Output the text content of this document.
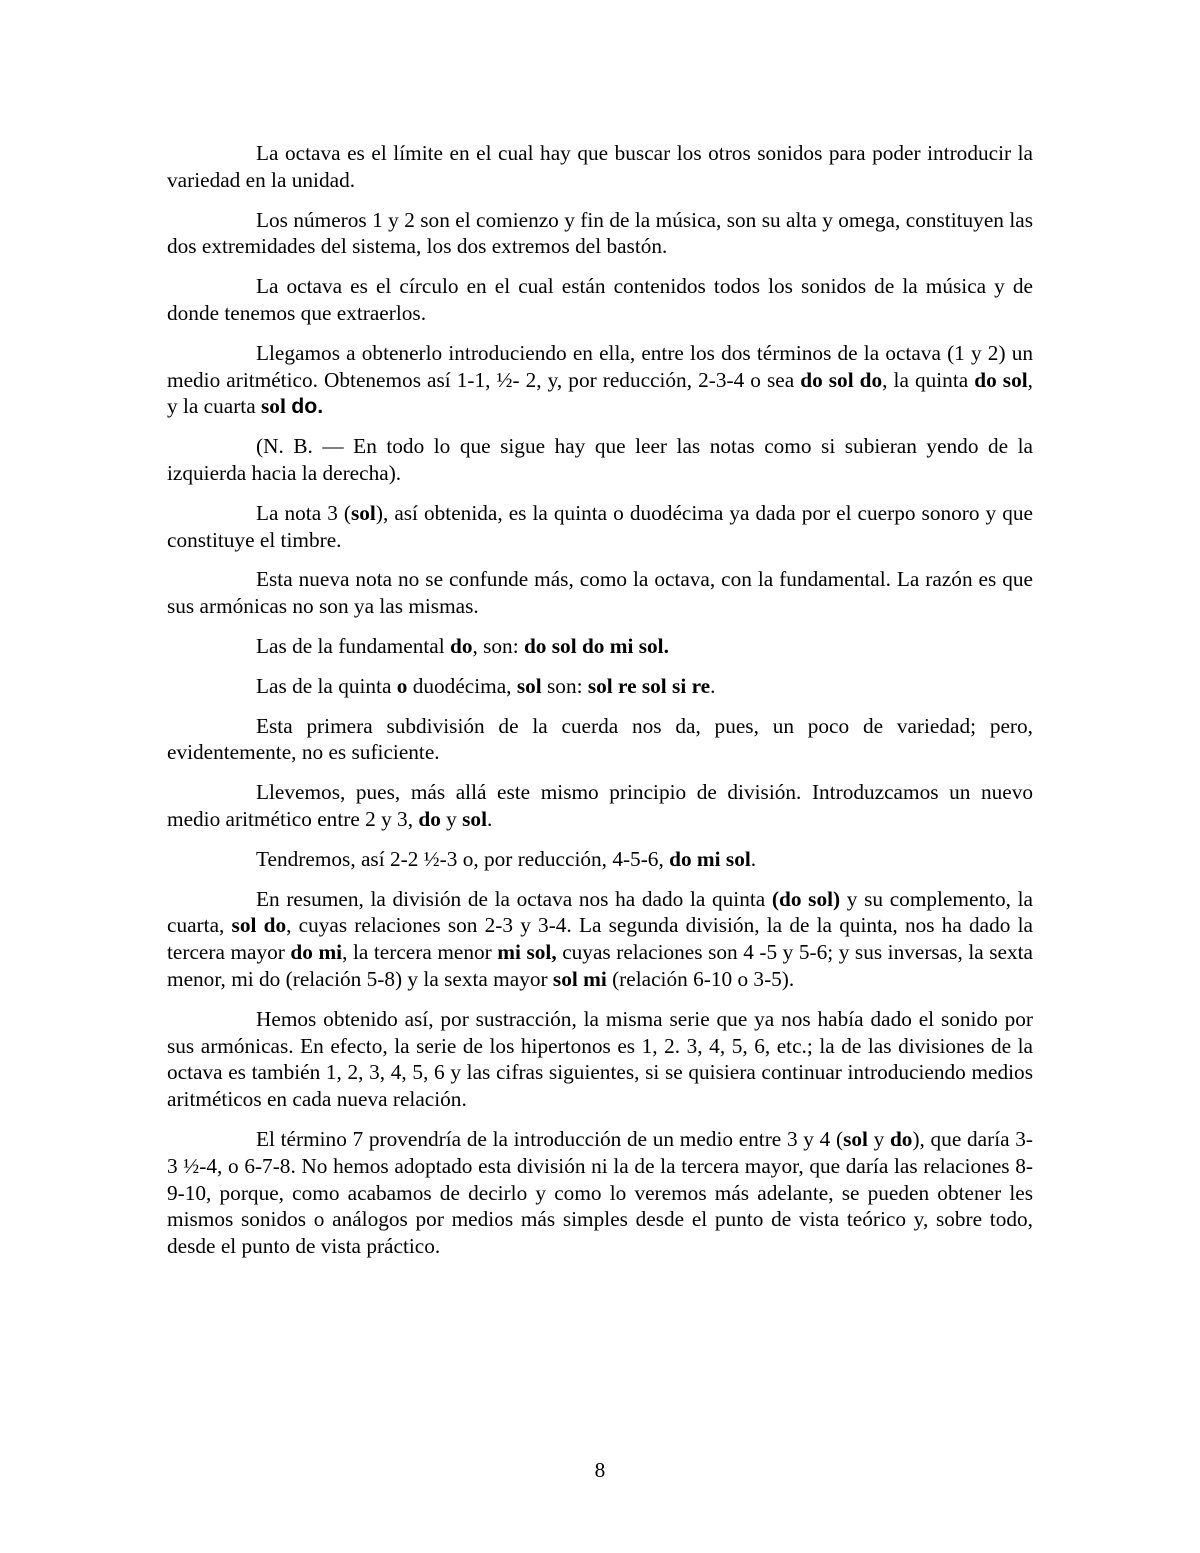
La octava es el límite en el cual hay que buscar los otros sonidos para poder introducir la variedad en la unidad.

Los números 1 y 2 son el comienzo y fin de la música, son su alta y omega, constituyen las dos extremidades del sistema, los dos extremos del bastón.

La octava es el círculo en el cual están contenidos todos los sonidos de la música y de donde tenemos que extraerlos.

Llegamos a obtenerlo introduciendo en ella, entre los dos términos de la octava (1 y 2) un medio aritmético. Obtenemos así 1-1, ½- 2, y, por reducción, 2-3-4 o sea do sol do, la quinta do sol, y la cuarta sol do.

(N. B. — En todo lo que sigue hay que leer las notas como si subieran yendo de la izquierda hacia la derecha).

La nota 3 (sol), así obtenida, es la quinta o duodécima ya dada por el cuerpo sonoro y que constituye el timbre.

Esta nueva nota no se confunde más, como la octava, con la fundamental. La razón es que sus armónicas no son ya las mismas.

Las de la fundamental do, son: do sol do mi sol.

Las de la quinta o duodécima, sol son: sol re sol si re.

Esta primera subdivisión de la cuerda nos da, pues, un poco de variedad; pero, evidentemente, no es suficiente.

Llevemos, pues, más allá este mismo principio de división. Introduzcamos un nuevo medio aritmético entre 2 y 3, do y sol.

Tendremos, así 2-2 ½-3 o, por reducción, 4-5-6, do mi sol.

En resumen, la división de la octava nos ha dado la quinta (do sol) y su complemento, la cuarta, sol do, cuyas relaciones son 2-3 y 3-4. La segunda división, la de la quinta, nos ha dado la tercera mayor do mi, la tercera menor mi sol, cuyas relaciones son 4 -5 y 5-6; y sus inversas, la sexta menor, mi do (relación 5-8) y la sexta mayor sol mi (relación 6-10 o 3-5).

Hemos obtenido así, por sustracción, la misma serie que ya nos había dado el sonido por sus armónicas. En efecto, la serie de los hipertonos es 1, 2. 3, 4, 5, 6, etc.; la de las divisiones de la octava es también 1, 2, 3, 4, 5, 6 y las cifras siguientes, si se quisiera continuar introduciendo medios aritméticos en cada nueva relación.

El término 7 provendría de la introducción de un medio entre 3 y 4 (sol y do), que daría 3-3 ½-4, o 6-7-8. No hemos adoptado esta división ni la de la tercera mayor, que daría las relaciones 8-9-10, porque, como acabamos de decirlo y como lo veremos más adelante, se pueden obtener les mismos sonidos o análogos por medios más simples desde el punto de vista teórico y, sobre todo, desde el punto de vista práctico.

8
